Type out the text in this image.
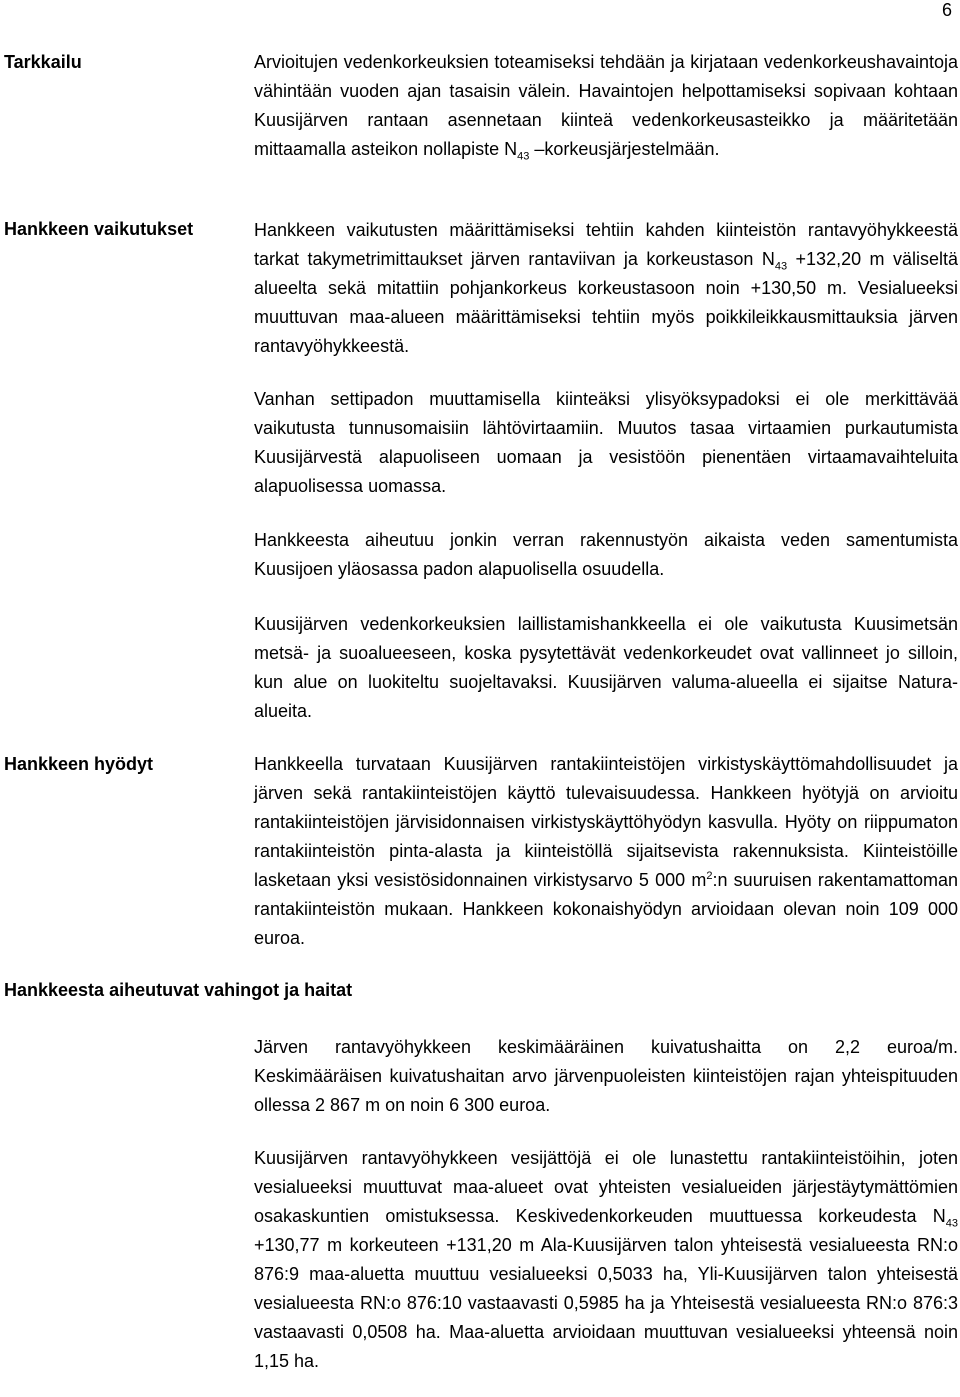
6
Tarkkailu	Arvioitujen vedenkorkeuksien toteamiseksi tehdään ja kirjataan vedenkorkeushavaintoja vähintään vuoden ajan tasaisin välein. Havaintojen helpottamiseksi sopivaan kohtaan Kuusijärven rantaan asennetaan kiinteä vedenkorkeusasteikko ja määritetään mittaamalla asteikon nollapiste $N_{43}$ –korkeusjärjestelmään.
Hankkeen vaikutukset	Hankkeen vaikutusten määrittämiseksi tehtiin kahden kiinteistön rantavyöhykkeestä tarkat takymetrimittaukset järven rantaviivan ja korkeustason $N_{43} +132,20$ m väliseltä alueelta sekä mitattiin pohjankorkeus korkeustasoon noin +130,50 m. Vesialueeksi muuttuvan maa-alueen määrittämiseksi tehtiin myös poikkileikkausmittauksia järven rantavyöhykkeestä.
Vanhan settipadon muuttamisella kiinteäksi ylisyöksypadoksi ei ole merkittävää vaikutusta tunnusomaisiin lähtövirtaamiin. Muutos tasaa virtaamien purkautumista Kuusijärvestä alapuoliseen uomaan ja vesistöön pienentäen virtaamavaihteluita alapuolisessa uomassa.
Hankkeesta aiheutuu jonkin verran rakennustyön aikaista veden samentumista Kuusijoen yläosassa padon alapuolisella osuudella.
Kuusijärven vedenkorkeuksien laillistamishankkeella ei ole vaikutusta Kuusimetsän metsä- ja suoalueeseen, koska pysytettävät vedenkorkeudet ovat vallinneet jo silloin, kun alue on luokiteltu suojeltavaksi. Kuusijärven valuma-alueella ei sijaitse Natura-alueita.
Hankkeen hyödyt	Hankkeella turvataan Kuusijärven rantakiinteistöjen virkistyskäyttömahdollisuudet ja järven sekä rantakiinteistöjen käyttö tulevaisuudessa. Hankkeen hyötyjä on arvioitu rantakiinteistöjen järvisidonnaisen virkistyskäyttöhyödyn kasvulla. Hyöty on riippumaton rantakiinteistön pinta-alasta ja kiinteistöllä sijaitsevista rakennuksista. Kiinteistöille lasketaan yksi vesistösidonnainen virkistysarvo 5 000 $m^2:n$ suuruisen rakentamattoman rantakiinteistön mukaan. Hankkeen kokonaishyödyn arvioidaan olevan noin 109 000 euroa.
Hankkeesta aiheutuvat vahingot ja haitat
Järven rantavyöhykkeen keskimääräinen kuivatushaitta on 2,2 euroa/m. Keskimääräisen kuivatushaitan arvo järvenpuoleisten kiinteistöjen rajan yhteispituuden ollessa 2 867 m on noin 6 300 euroa.
Kuusijärven rantavyöhykkeen vesijättöjä ei ole lunastettu rantakiinteistöihin, joten vesialueeksi muuttuvat maa-alueet ovat yhteisten vesialueiden järjestäytymättömien osakaskuntien omistuksessa. Keskivedenkorkeuden muuttuessa korkeudesta $N_{43} +130,77$ m korkeuteen +131,20 m Ala-Kuusijärven talon yhteisestä vesialueesta RN:o 876:9 maa-aluetta muuttuu vesialueeksi 0,5033 ha, Yli-Kuusijärven talon yhteisestä vesialueesta RN:o 876:10 vastaavasti 0,5985 ha ja Yhteisestä vesialueesta RN:o 876:3 vastaavasti 0,0508 ha. Maa-aluetta arvioidaan muuttuvan vesialueeksi yhteensä noin 1,15 ha.
